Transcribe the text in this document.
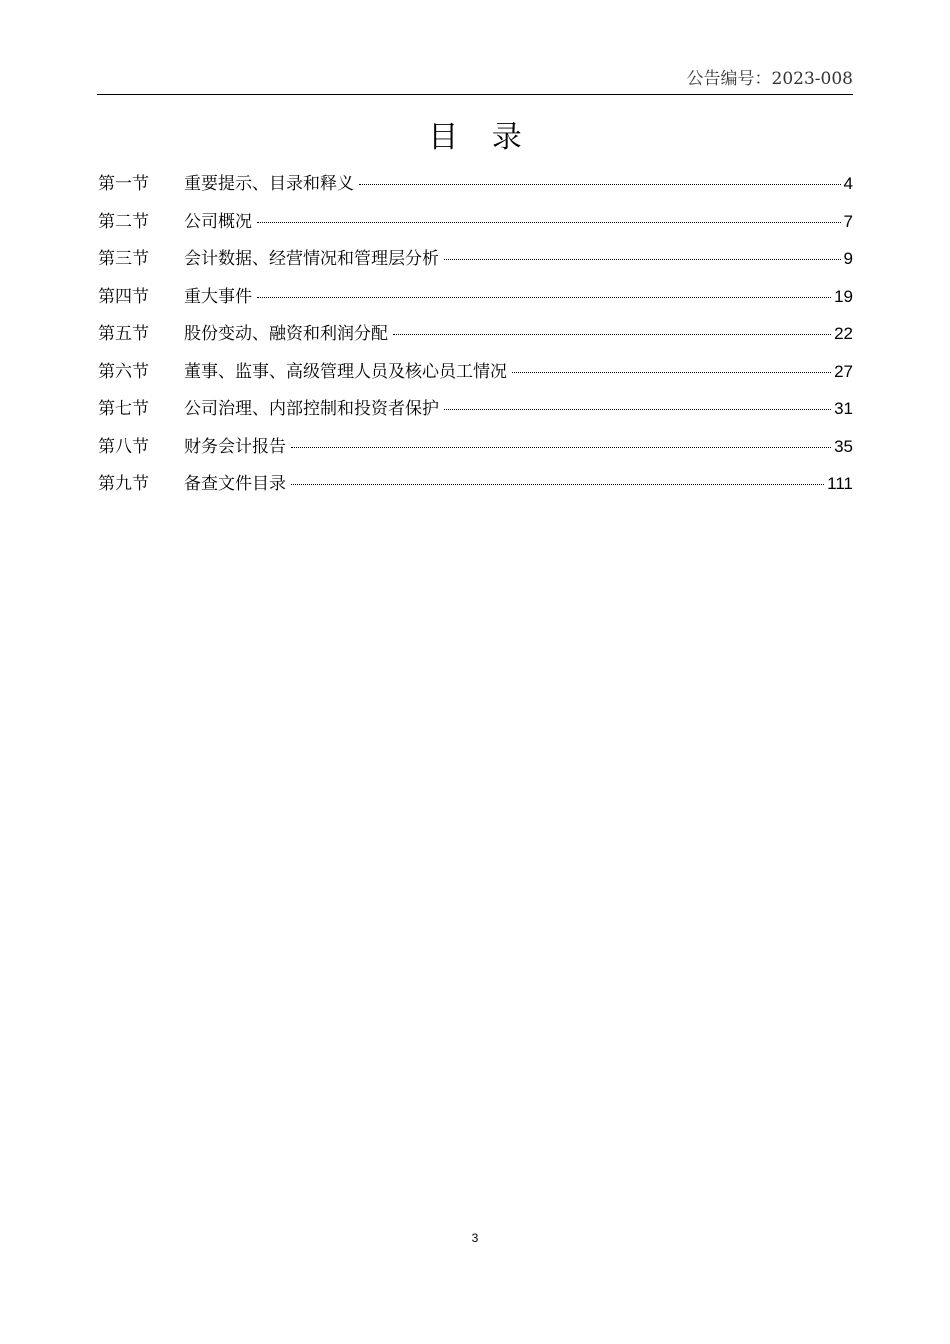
公告编号：2023-008
目 录
第一节	重要提示、目录和释义	4
第二节	公司概况	7
第三节	会计数据、经营情况和管理层分析	9
第四节	重大事件	19
第五节	股份变动、融资和利润分配	22
第六节	董事、监事、高级管理人员及核心员工情况	27
第七节	公司治理、内部控制和投资者保护	31
第八节	财务会计报告	35
第九节	备查文件目录	111
3
